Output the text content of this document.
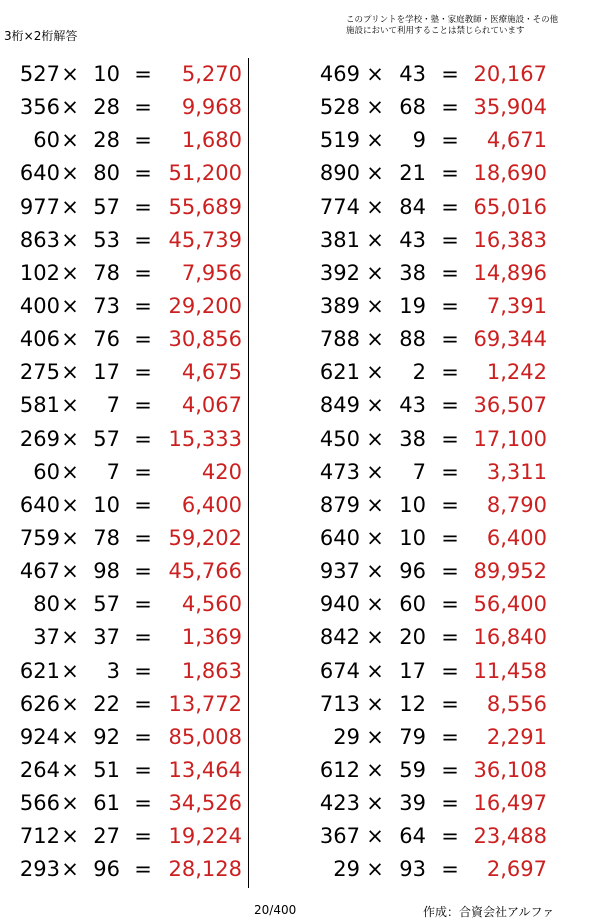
3桁×2桁解答
このプリントを学校・塾・家庭教師・医療施設・その他
施設において利用することは禁じられています
527 × 10 =	5,270
356 × 28 =	9,968
60 × 28 =	1,680
640 × 80 = 51,200
977 × 57 = 55,689
863 × 53 = 45,739
102 × 78 =	7,956
400 × 73 = 29,200
406 × 76 = 30,856
275 × 17 =	4,675
581 ×	7 =	4,067
269 × 57 = 15,333
60 ×	7 =	420
640 × 10 =	6,400
759 × 78 = 59,202
467 × 98 = 45,766
80 × 57 =	4,560
37 × 37 =	1,369
621 ×	3 =	1,863
626 × 22 = 13,772
924 × 92 = 85,008
264 × 51 = 13,464
566 × 61 = 34,526
712 × 27 = 19,224
293 × 96 = 28,128
469 × 43 = 20,167
528 × 68 = 35,904
519 ×	9 =	4,671
890 × 21 = 18,690
774 × 84 = 65,016
381 × 43 = 16,383
392 × 38 = 14,896
389 × 19 =	7,391
788 × 88 = 69,344
621 ×	2 =	1,242
849 × 43 = 36,507
450 × 38 = 17,100
473 ×	7 =	3,311
879 × 10 =	8,790
640 × 10 =	6,400
937 × 96 = 89,952
940 × 60 = 56,400
842 × 20 = 16,840
674 × 17 = 11,458
713 × 12 =	8,556
29 × 79 =	2,291
612 × 59 = 36,108
423 × 39 = 16,497
367 × 64 = 23,488
29 × 93 =	2,697
20/400	作成：合資会社アルファ
